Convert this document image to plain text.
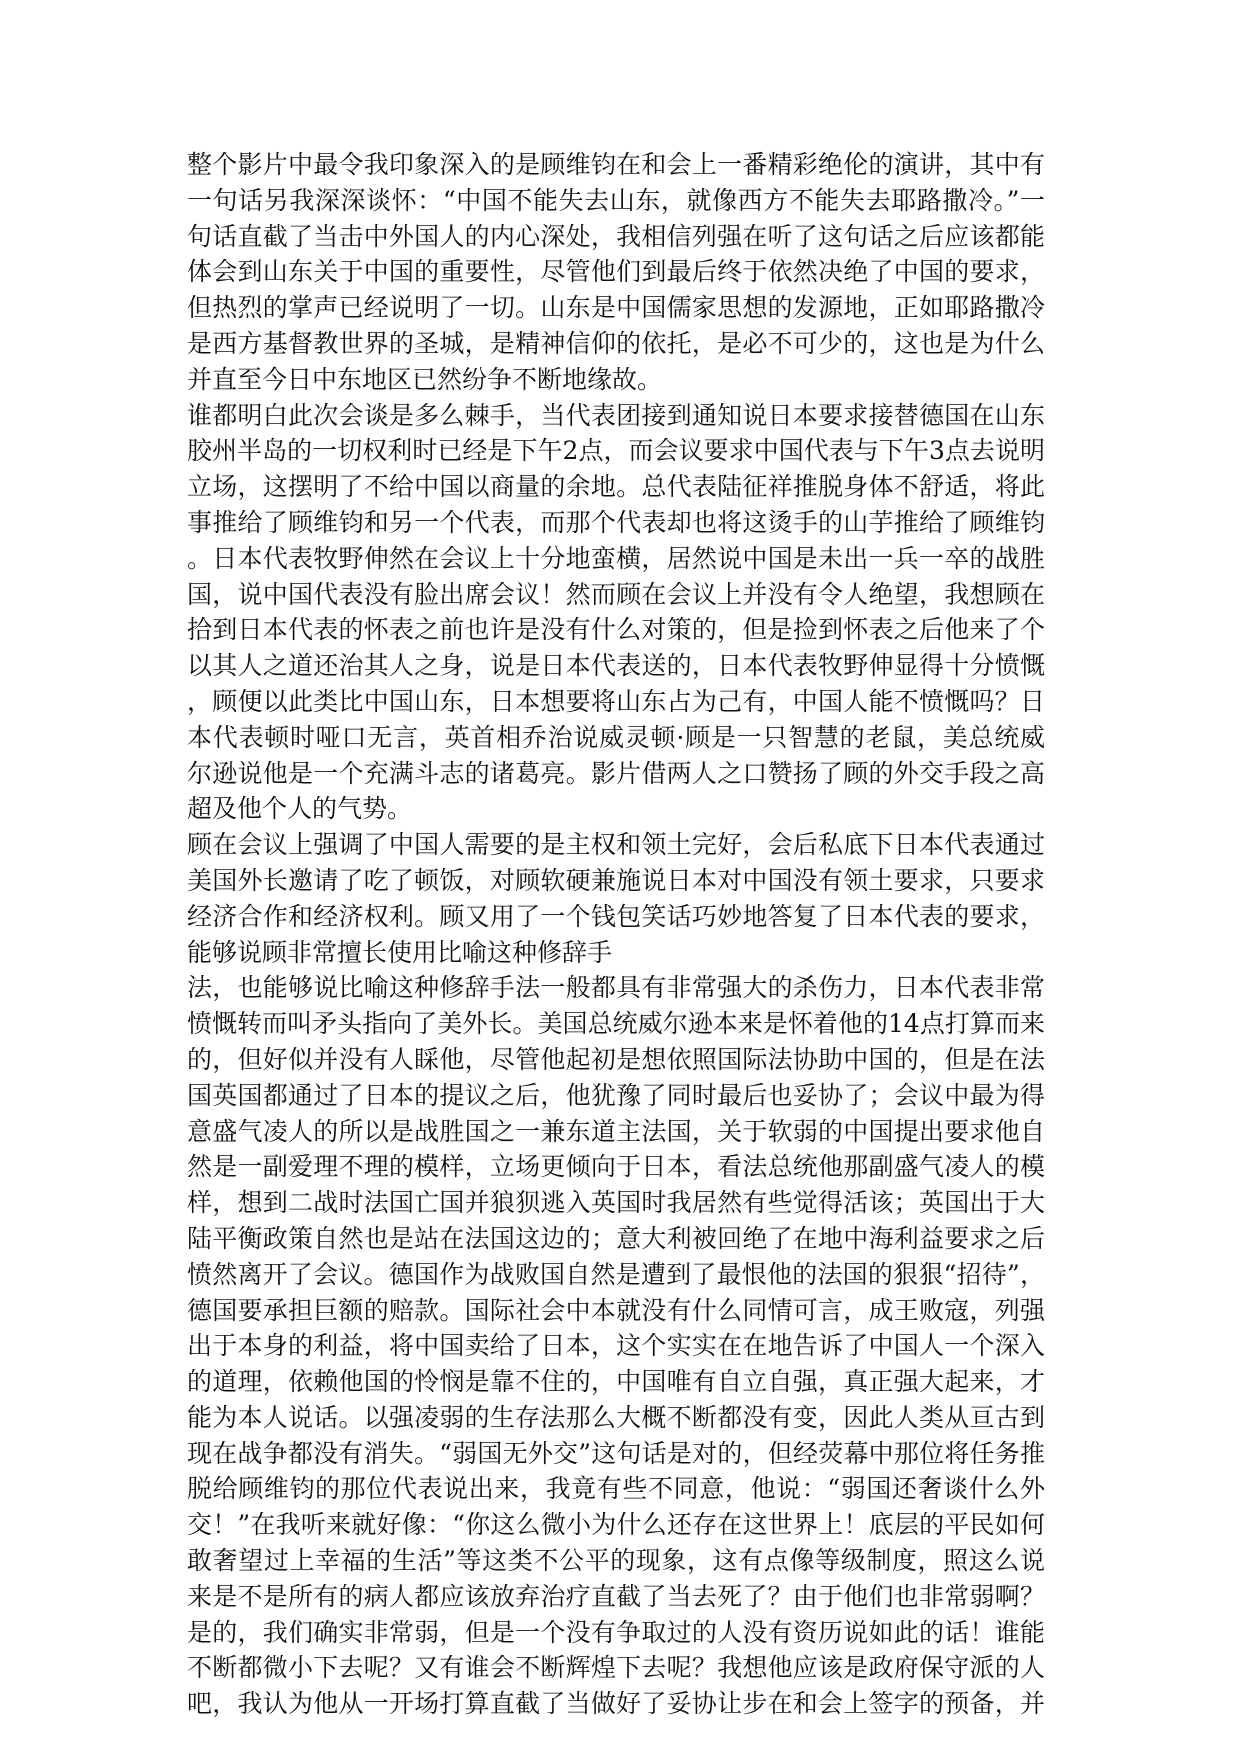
整个影片中最令我印象深入的是顾维钧在和会上一番精彩绝伦的演讲，其中有
一句话另我深深谈怀：“中国不能失去山东，就像西方不能失去耶路撒冷。”一
句话直截了当击中外国人的内心深处，我相信列强在听了这句话之后应该都能
体会到山东关于中国的重要性，尽管他们到最后终于依然决绝了中国的要求，
但热烈的掌声已经说明了一切。山东是中国儒家思想的发源地，正如耶路撒冷
是西方基督教世界的圣城，是精神信仰的依托，是必不可少的，这也是为什么
并直至今日中东地区已然纷争不断地缘故。
谁都明白此次会谈是多么棘手，当代表团接到通知说日本要求接替德国在山东
胶州半岛的一切权利时已经是下午2点，而会议要求中国代表与下午3点去说明
立场，这摆明了不给中国以商量的余地。总代表陆征祥推脱身体不舒适，将此
事推给了顾维钧和另一个代表，而那个代表却也将这烫手的山芋推给了顾维钧
。日本代表牧野伸然在会议上十分地蛮横，居然说中国是未出一兵一卒的战胜
国，说中国代表没有脸出席会议！然而顾在会议上并没有令人绝望，我想顾在
拾到日本代表的怀表之前也许是没有什么对策的，但是捡到怀表之后他来了个
以其人之道还治其人之身，说是日本代表送的，日本代表牧野伸显得十分愤慨
，顾便以此类比中国山东，日本想要将山东占为己有，中国人能不愤慨吗？日
本代表顿时哑口无言，英首相乔治说威灵顿·顾是一只智慧的老鼠，美总统威
尔逊说他是一个充满斗志的诸葛亮。影片借两人之口赞扬了顾的外交手段之高
超及他个人的气势。
顾在会议上强调了中国人需要的是主权和领土完好，会后私底下日本代表通过
美国外长邀请了吃了顿饭，对顾软硬兼施说日本对中国没有领土要求，只要求
经济合作和经济权利。顾又用了一个钱包笑话巧妙地答复了日本代表的要求，
能够说顾非常擅长使用比喻这种修辞手
法，也能够说比喻这种修辞手法一般都具有非常强大的杀伤力，日本代表非常
愤慨转而叫矛头指向了美外长。美国总统威尔逊本来是怀着他的14点打算而来
的，但好似并没有人睬他，尽管他起初是想依照国际法协助中国的，但是在法
国英国都通过了日本的提议之后，他犹豫了同时最后也妥协了；会议中最为得
意盛气凌人的所以是战胜国之一兼东道主法国，关于软弱的中国提出要求他自
然是一副爱理不理的模样，立场更倾向于日本，看法总统他那副盛气凌人的模
样，想到二战时法国亡国并狼狈逃入英国时我居然有些觉得活该；英国出于大
陆平衡政策自然也是站在法国这边的；意大利被回绝了在地中海利益要求之后
愤然离开了会议。德国作为战败国自然是遭到了最恨他的法国的狠狠“招待”，
德国要承担巨额的赔款。国际社会中本就没有什么同情可言，成王败寇，列强
出于本身的利益，将中国卖给了日本，这个实实在在地告诉了中国人一个深入
的道理，依赖他国的怜悯是靠不住的，中国唯有自立自强，真正强大起来，才
能为本人说话。以强凌弱的生存法那么大概不断都没有变，因此人类从亘古到
现在战争都没有消失。“弱国无外交”这句话是对的，但经荧幕中那位将任务推
脱给顾维钧的那位代表说出来，我竟有些不同意，他说：“弱国还奢谈什么外
交！”在我听来就好像：“你这么微小为什么还存在这世界上！底层的平民如何
敢奢望过上幸福的生活”等这类不公平的现象，这有点像等级制度，照这么说
来是不是所有的病人都应该放弃治疗直截了当去死了？由于他们也非常弱啊？
是的，我们确实非常弱，但是一个没有争取过的人没有资历说如此的话！谁能
不断都微小下去呢？又有谁会不断辉煌下去呢？我想他应该是政府保守派的人
吧，我认为他从一开场打算直截了当做好了妥协让步在和会上签字的预备，并
